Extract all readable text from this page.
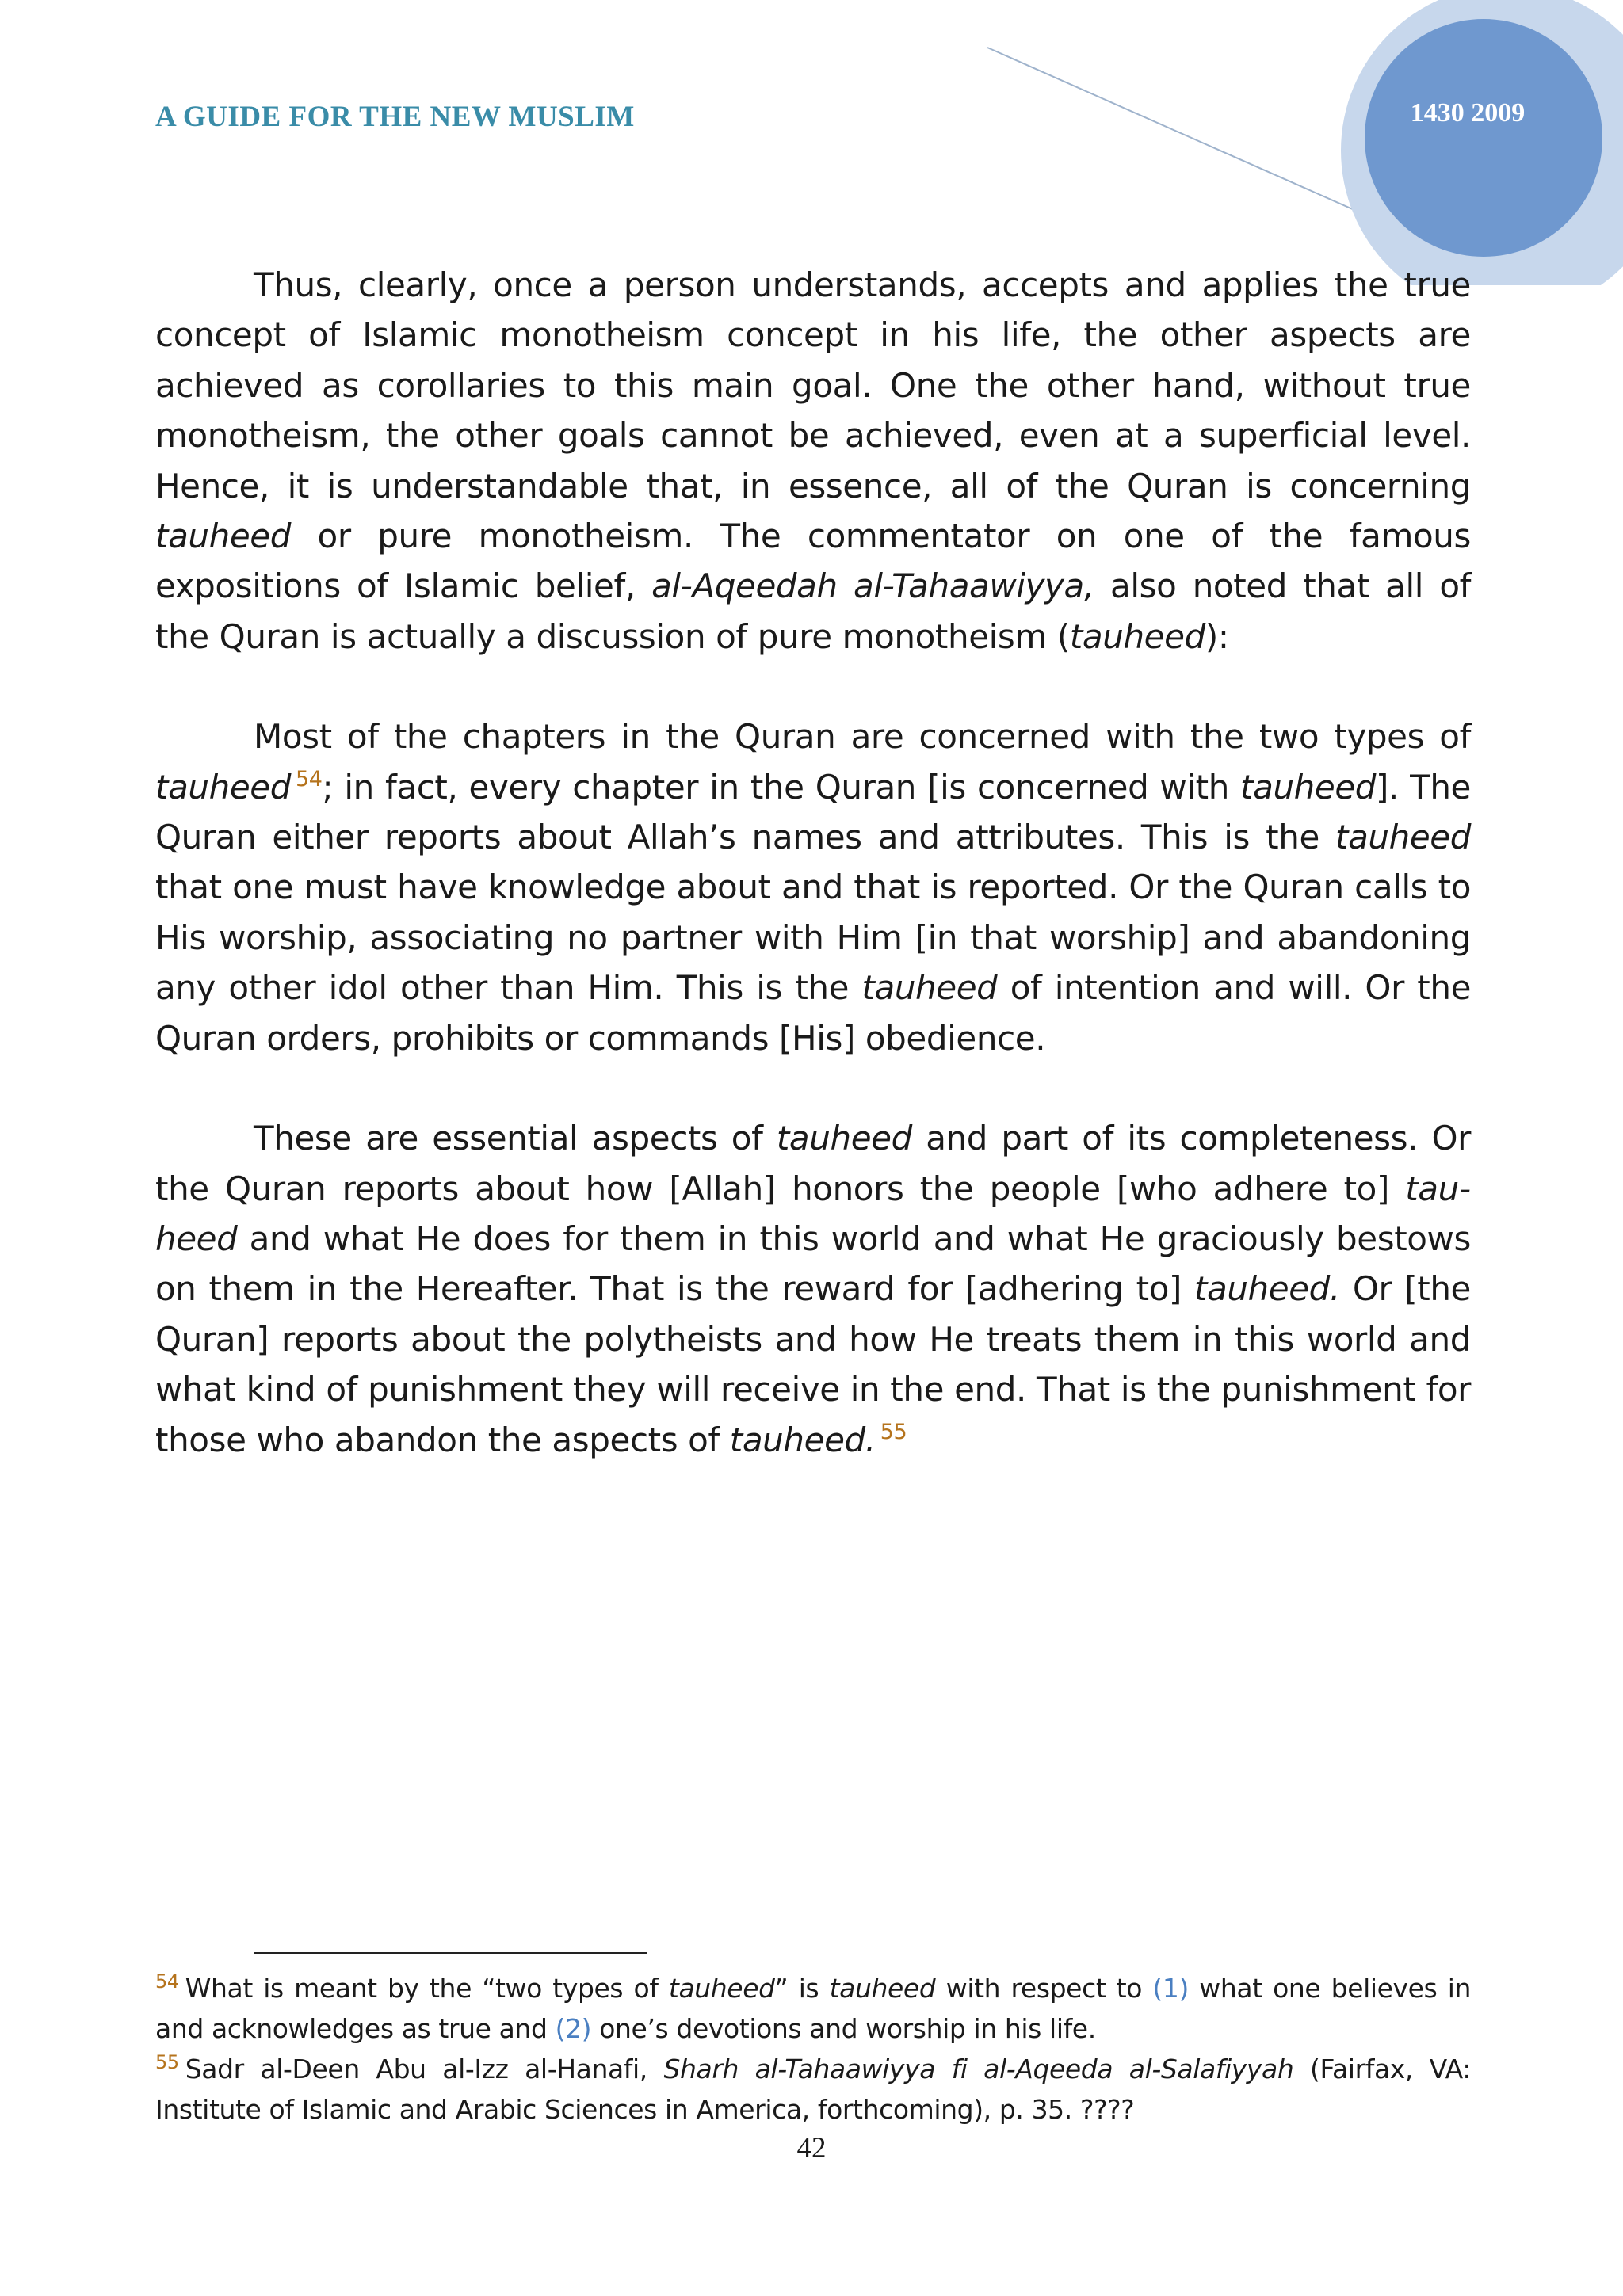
A GUIDE FOR THE NEW MUSLIM	1430 2009

Thus, clearly, once a person understands, accepts and applies the true concept of Islamic monotheism concept in his life, the other aspects are achieved as corollaries to this main goal. One the other hand, without true monotheism, the other goals cannot be achieved, even at a superficial level. Hence, it is understandable that, in essence, all of the Quran is concerning tauheed or pure monotheism. The commentator on one of the famous expositions of Islamic belief, al-Aqeedah al-Tahaawiyya, also noted that all of the Quran is actually a discussion of pure monotheism (tauheed):

Most of the chapters in the Quran are concerned with the two types of tauheed $^{54}$; in fact, every chapter in the Quran [is concerned with tauheed]. The Quran either reports about Allah’s names and attributes. This is the tauheed that one must have knowledge about and that is reported. Or the Quran calls to His worship, associating no partner with Him [in that worship] and abandoning any other idol other than Him. This is the tauheed of intention and will. Or the Quran orders, prohibits or commands [His] obedience.

These are essential aspects of tauheed and part of its completeness. Or the Quran reports about how [Allah] honors the people [who adhere to] tauheed and what He does for them in this world and what He graciously bestows on them in the Hereafter. That is the reward for [adhering to] tauheed. Or [the Quran] reports about the polytheists and how He treats them in this world and what kind of punishment they will receive in the end. That is the punishment for those who abandon the aspects of tauheed. $^{55}$

$^{54}$ What is meant by the “two types of tauheed” is tauheed with respect to (1) what one believes in and acknowledges as true and (2) one’s devotions and worship in his life.

$^{55}$ Sadr al-Deen Abu al-Izz al-Hanafi, Sharh al-Tahaawiyya fi al-Aqeeda al-Salafiyyah (Fairfax, VA: Institute of Islamic and Arabic Sciences in America, forthcoming), p. 35. ????

42
